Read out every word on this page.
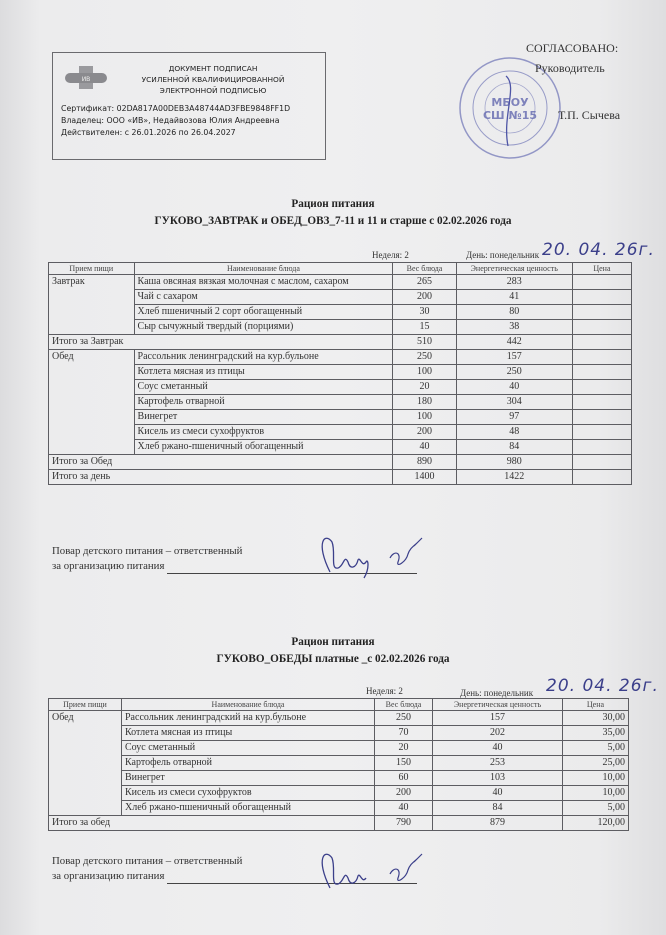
ИВ
ДОКУМЕНТ ПОДПИСАН
УСИЛЕННОЙ КВАЛИФИЦИРОВАННОЙ
ЭЛЕКТРОННОЙ ПОДПИСЬЮ
Сертификат: 02DA817A00DEB3A48744AD3FBE9848FF1D
Владелец: ООО «ИВ», Недайвозова Юлия Андреевна
Действителен: с 26.01.2026 по 26.04.2027
МБОУ
СШ №15
СОГЛАСОВАНО:
Руководитель
Т.П. Сычева
Рацион питания
ГУКОВО_ЗАВТРАК и ОБЕД_ОВЗ_7-11 и 11 и старше с 02.02.2026 года
Неделя: 2	День: понедельник 20. 04. 26г.
Прием пищи	Наименование блюда	Вес блюда	Энергетическая ценность	Цена
Завтрак	Каша овсяная вязкая молочная с маслом, сахаром	265	283	
	Чай с сахаром	200	41	
	Хлеб пшеничный 2 сорт обогащенный	30	80	
	Сыр сычужный твердый (порциями)	15	38	
Итого за Завтрак		510	442	
Обед	Рассольник ленинградский на кур.бульоне	250	157	
	Котлета мясная из птицы	100	250	
	Соус сметанный	20	40	
	Картофель отварной	180	304	
	Винегрет	100	97	
	Кисель из смеси сухофруктов	200	48	
	Хлеб ржано-пшеничный обогащенный	40	84	
Итого за Обед		890	980	
Итого за день		1400	1422	
Повар детского питания – ответственный
за организацию питания
Рацион питания
ГУКОВО_ОБЕДЫ платные _с 02.02.2026 года
Неделя: 2	День: понедельник 20. 04. 26г.
Прием пищи	Наименование блюда	Вес блюда	Энергетическая ценность	Цена
Обед	Рассольник ленинградский на кур.бульоне	250	157	30,00
	Котлета мясная из птицы	70	202	35,00
	Соус сметанный	20	40	5,00
	Картофель отварной	150	253	25,00
	Винегрет	60	103	10,00
	Кисель из смеси сухофруктов	200	40	10,00
	Хлеб ржано-пшеничный обогащенный	40	84	5,00
Итого за обед		790	879	120,00
Повар детского питания – ответственный
за организацию питания
